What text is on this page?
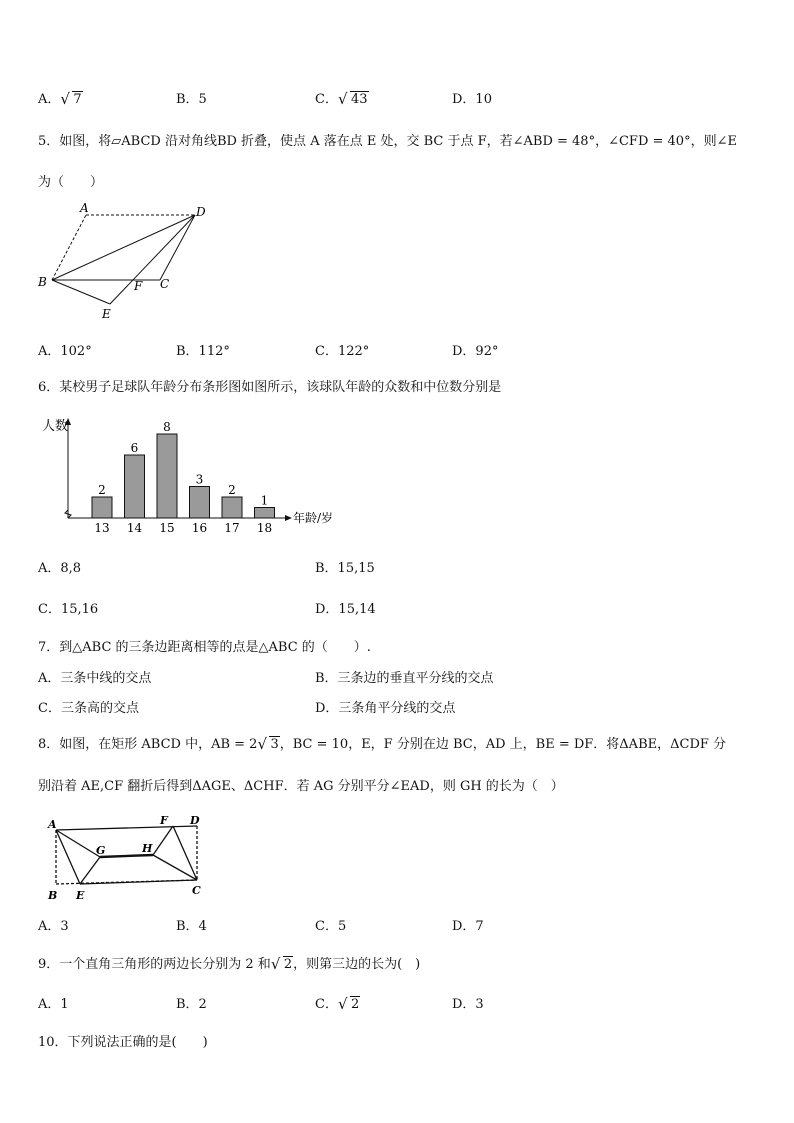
A． √ 7	B．5	C． √ 43	D．10
5．如图，将▱ABCD 沿对角线BD 折叠，使点 A 落在点 E 处，交 BC 于点 F，若∠ABD = 48°，∠CFD = 40°，则∠E
为（　　）
A	D
B	F C
E
A．102°	B．112°	C．122°	D．92°
6．某校男子足球队年龄分布条形图如图所示，该球队年龄的众数和中位数分别是
人数
年龄/岁
2
13
6
14
8
15
3
16
2
17
1
18
A．8,8	B．15,15
C．15,16	D．15,14
7．到△ABC 的三条边距离相等的点是△ABC 的（　　）.
A．三条中线的交点	B．三条边的垂直平分线的交点
C．三条高的交点	D．三条角平分线的交点
8．如图，在矩形 ABCD 中，AB = 2 √ 3，BC = 10，E，F 分别在边 BC，AD 上，BE = DF．将ΔABE，ΔCDF 分
别沿着 AE,CF 翻折后得到ΔAGE、ΔCHF．若 AG 分别平分∠EAD，则 GH 的长为（　）
A	F D
G	H
B E	C
A．3	B．4	C．5	D．7
9．一个直角三角形的两边长分别为 2 和 √ 2，则第三边的长为(　)
A．1	B．2	C． √ 2	D．3
10．下列说法正确的是(　　)
